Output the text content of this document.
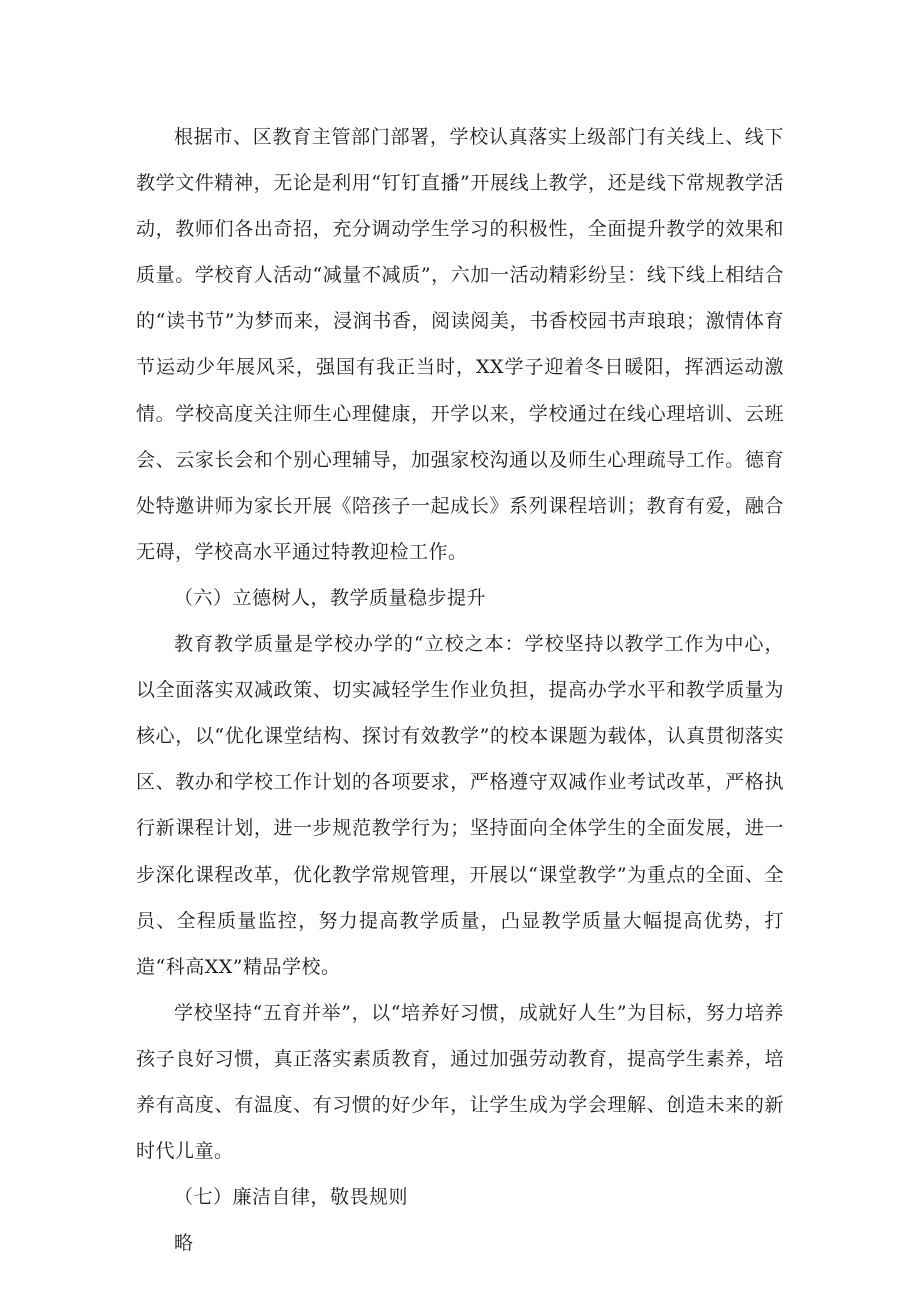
根据市、区教育主管部门部署，学校认真落实上级部门有关线上、线下教学文件精神，无论是利用“钉钉直播”开展线上教学，还是线下常规教学活动，教师们各出奇招，充分调动学生学习的积极性，全面提升教学的效果和质量。学校育人活动“减量不减质”，六加一活动精彩纷呈：线下线上相结合的“读书节”为梦而来，浸润书香，阅读阅美，书香校园书声琅琅；激情体育节运动少年展风采，强国有我正当时，XX学子迎着冬日暖阳，挥洒运动激情。学校高度关注师生心理健康，开学以来，学校通过在线心理培训、云班会、云家长会和个别心理辅导，加强家校沟通以及师生心理疏导工作。德育处特邀讲师为家长开展《陪孩子一起成长》系列课程培训；教育有爱，融合无碍，学校高水平通过特教迎检工作。

（六）立德树人，教学质量稳步提升

教育教学质量是学校办学的“立校之本：学校坚持以教学工作为中心，以全面落实双减政策、切实减轻学生作业负担，提高办学水平和教学质量为核心，以“优化课堂结构、探讨有效教学”的校本课题为载体，认真贯彻落实区、教办和学校工作计划的各项要求，严格遵守双减作业考试改革，严格执行新课程计划，进一步规范教学行为；坚持面向全体学生的全面发展，进一步深化课程改革，优化教学常规管理，开展以“课堂教学”为重点的全面、全员、全程质量监控，努力提高教学质量，凸显教学质量大幅提高优势，打造“科高XX”精品学校。

学校坚持“五育并举”，以“培养好习惯，成就好人生”为目标，努力培养孩子良好习惯，真正落实素质教育，通过加强劳动教育，提高学生素养，培养有高度、有温度、有习惯的好少年，让学生成为学会理解、创造未来的新时代儿童。

（七）廉洁自律，敬畏规则

略
